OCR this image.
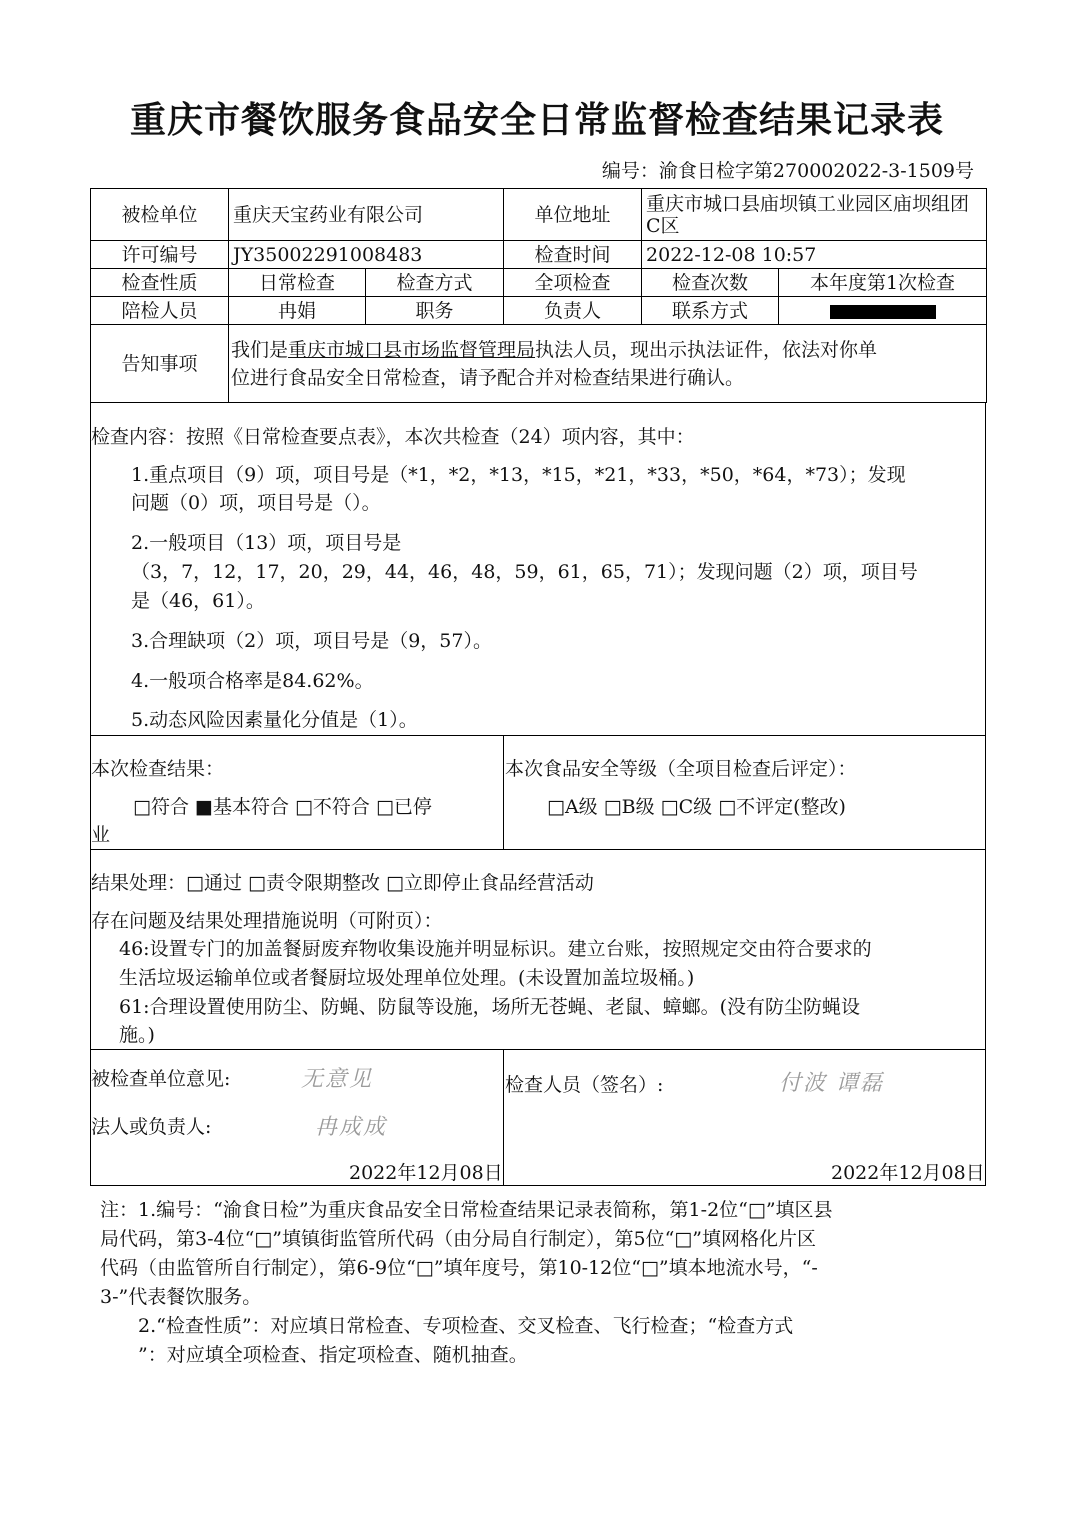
重庆市餐饮服务食品安全日常监督检查结果记录表
编号：渝食日检字第270002022-3-1509号
被检单位	重庆天宝药业有限公司		单位地址	重庆市城口县庙坝镇工业园区庙坝组团C区	
许可编号	JY35002291008483		检查时间	2022-12-08 10:57	
检查性质	日常检查	检查方式	全项检查	检查次数	本年度第1次检查
陪检人员	冉娟	职务	负责人	联系方式	
告知事项	我们是重庆市城口县市场监督管理局执法人员，现出示执法证件，依法对你单
位进行食品安全日常检查，请予配合并对检查结果进行确认。				
检查内容：按照《日常检查要点表》，本次共检查（24）项内容，其中：
1.重点项目（9）项，项目号是（*1，*2，*13，*15，*21，*33，*50，*64，*73）；发现
问题（0）项，项目号是（）。
2.一般项目（13）项，项目号是
（3，7，12，17，20，29，44，46，48，59，61，65，71）；发现问题（2）项，项目号
是（46，61）。
3.合理缺项（2）项，项目号是（9，57）。
4.一般项合格率是84.62%。
5.动态风险因素量化分值是（1）。
本次检查结果：
□符合 ■基本符合 □不符合 □已停
业
本次食品安全等级（全项目检查后评定）：
□A级 □B级 □C级 □不评定(整改)
结果处理：□通过 □责令限期整改 □立即停止食品经营活动
存在问题及结果处理措施说明（可附页）：
46:设置专门的加盖餐厨废弃物收集设施并明显标识。建立台账，按照规定交由符合要求的
生活垃圾运输单位或者餐厨垃圾处理单位处理。(未设置加盖垃圾桶。)
61:合理设置使用防尘、防蝇、防鼠等设施，场所无苍蝇、老鼠、蟑螂。(没有防尘防蝇设
施。)
被检查单位意见:	无意见
法人或负责人:	冉成成
2022年12月08日
检查人员（签名）:	付波 谭磊
2022年12月08日

注：1.编号：“渝食日检”为重庆食品安全日常检查结果记录表简称，第1-2位“□”填区县

局代码，第3-4位“□”填镇街监管所代码（由分局自行制定），第5位“□”填网格化片区

代码（由监管所自行制定），第6-9位“□”填年度号，第10-12位“□”填本地流水号，“-

3-”代表餐饮服务。

2.“检查性质”：对应填日常检查、专项检查、交叉检查、飞行检查；“检查方式

”：对应填全项检查、指定项检查、随机抽查。
